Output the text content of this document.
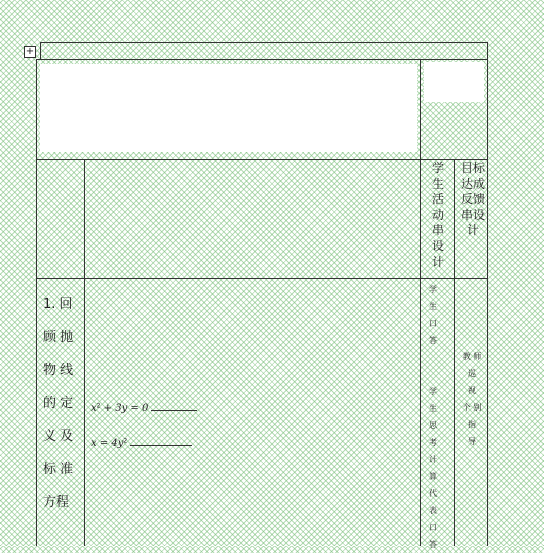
+
学
生
活
动
串
设
计
目标
达成
反馈
串设
计
1. 回
顾 抛
物 线
的 定
义 及
标 准
方程
$x^2 + 3y = 0$
$x = 4y^2$
学
生
口
答
学
生
思
考
计
算
代
表
口
答
教 师
巡
视
个 别
指
导
